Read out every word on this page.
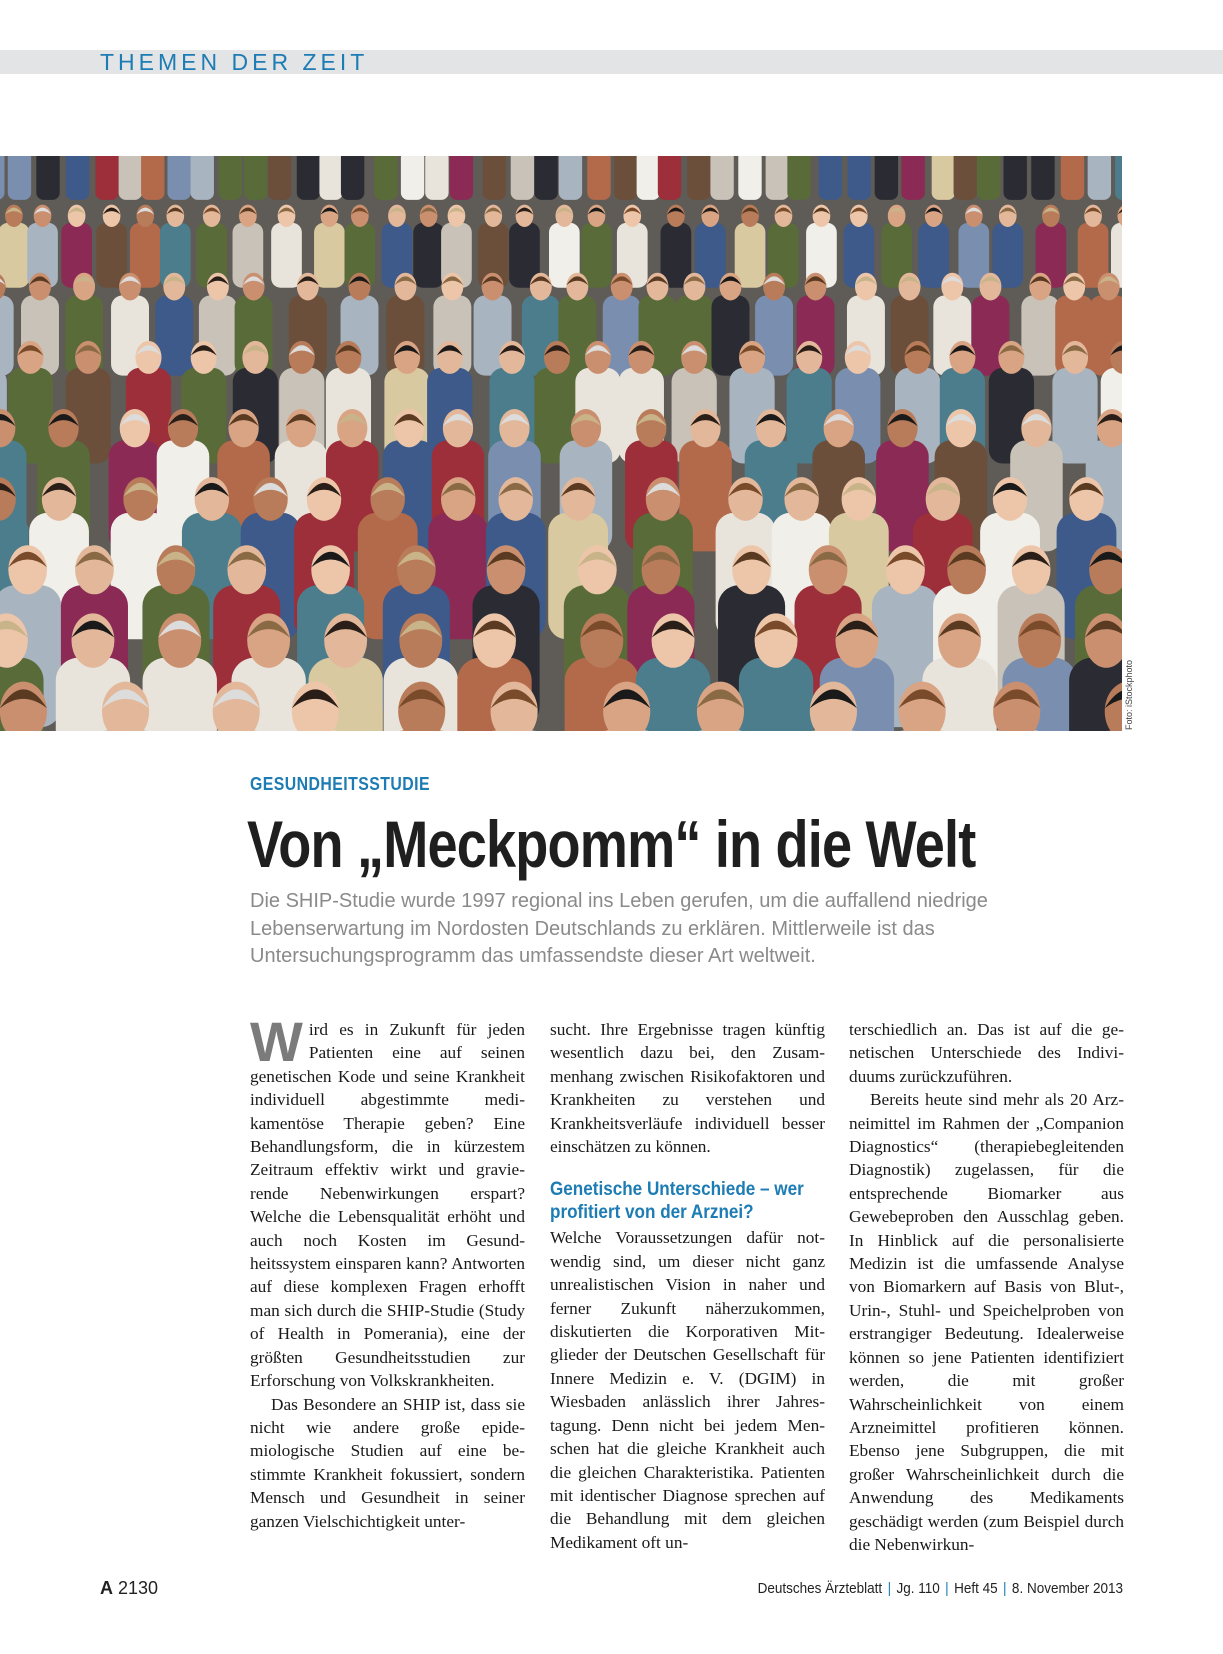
THEMEN DER ZEIT
Foto: iStockphoto
GESUNDHEITSSTUDIE
Von „Meckpomm“ in die Welt
Die SHIP-Studie wurde 1997 regional ins Leben gerufen, um die auffallend niedrige Lebenserwartung im Nordosten Deutschlands zu erklären. Mittlerweile ist das Untersuchungsprogramm das umfassendste dieser Art weltweit.

Wird es in Zukunft für jeden Patienten eine auf seinen genetischen Kode und seine Krankheit individuell abgestimmte medikamentöse Therapie geben? Eine Behandlungsform, die in kürzestem Zeitraum effektiv wirkt und gravierende Nebenwirkungen erspart? Welche die Lebensqualität erhöht und auch noch Kosten im Gesundheitssystem einsparen kann? Antworten auf diese komplexen Fragen erhofft man sich durch die SHIP-Studie (Study of Health in Pomerania), eine der größten Gesundheitsstudien zur Erforschung von Volkskrankheiten.

Das Besondere an SHIP ist, dass sie nicht wie andere große epidemiologische Studien auf eine bestimmte Krankheit fokussiert, sondern Mensch und Gesundheit in seiner ganzen Vielschichtigkeit unter-

sucht. Ihre Ergebnisse tragen künftig wesentlich dazu bei, den Zusammenhang zwischen Risikofaktoren und Krankheiten zu verstehen und Krankheitsverläufe individuell besser einschätzen zu können.

Genetische Unterschiede – wer profitiert von der Arznei?

Welche Voraussetzungen dafür notwendig sind, um dieser nicht ganz unrealistischen Vision in naher und ferner Zukunft näherzukommen, diskutierten die Korporativen Mitglieder der Deutschen Gesellschaft für Innere Medizin e. V. (DGIM) in Wiesbaden anlässlich ihrer Jahrestagung. Denn nicht bei jedem Menschen hat die gleiche Krankheit auch die gleichen Charakteristika. Patienten mit identischer Diagnose sprechen auf die Behandlung mit dem gleichen Medikament oft un-

terschiedlich an. Das ist auf die genetischen Unterschiede des Individuums zurückzuführen.

Bereits heute sind mehr als 20 Arzneimittel im Rahmen der „Companion Diagnostics“ (therapiebegleitenden Diagnostik) zugelassen, für die entsprechende Biomarker aus Gewebeproben den Ausschlag geben. In Hinblick auf die personalisierte Medizin ist die umfassende Analyse von Biomarkern auf Basis von Blut-, Urin-, Stuhl- und Speichelproben von erstrangiger Bedeutung. Idealerweise können so jene Patienten identifiziert werden, die mit großer Wahrscheinlichkeit von einem Arzneimittel profitieren können. Ebenso jene Subgruppen, die mit großer Wahrscheinlichkeit durch die Anwendung des Medikaments geschädigt werden (zum Beispiel durch die Nebenwirkun-

A 2130	Deutsches Ärzteblatt | Jg. 110 | Heft 45 | 8. November 2013
